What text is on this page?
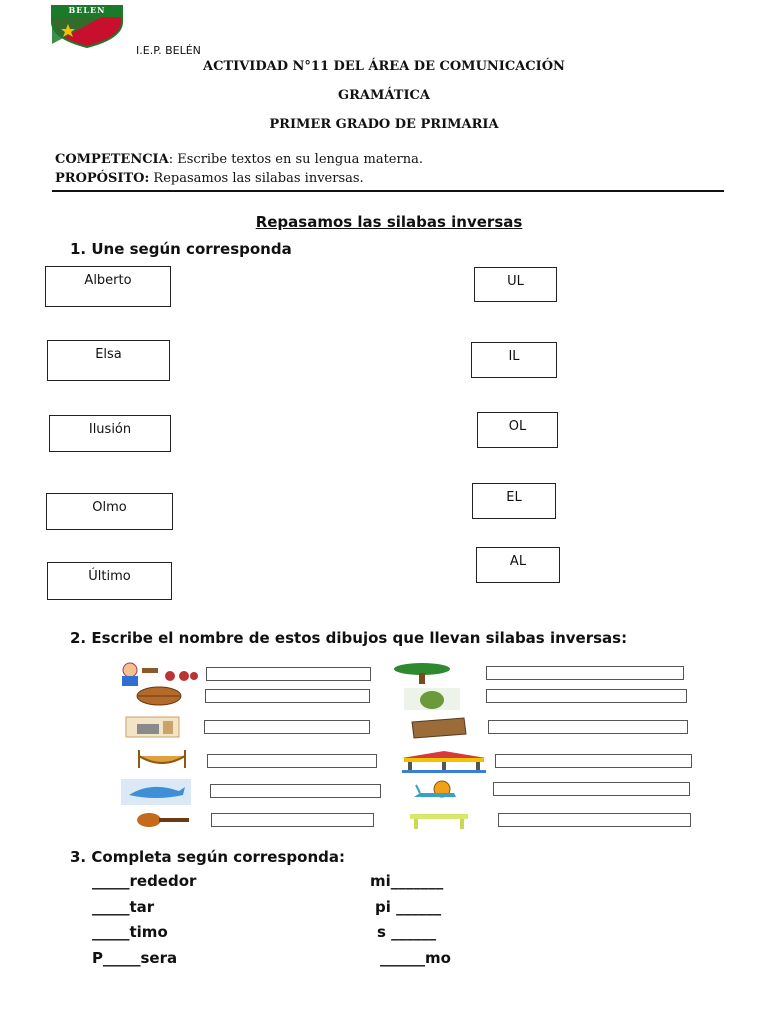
BELEN
I.E.P. BELÉN
ACTIVIDAD N°11 DEL ÁREA DE COMUNICACIÓN
GRAMÁTICA
PRIMER GRADO DE PRIMARIA
COMPETENCIA: Escribe textos en su lengua materna.
PROPÓSITO: Repasamos las silabas inversas.
Repasamos las silabas inversas
1. Une según corresponda
Alberto
Elsa
Ilusión
Olmo
Último
UL
IL
OL
EL
AL
2. Escribe el nombre de estos dibujos que llevan silabas inversas:
3. Completa según corresponda:
_____rededor
_____tar
_____timo
P_____sera
mi_______
pi ______
s ______
______mo
